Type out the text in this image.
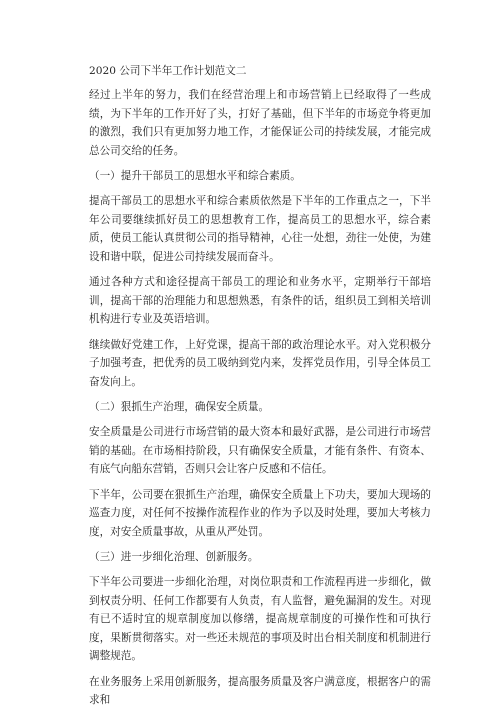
2020 公司下半年工作计划范文二

经过上半年的努力，我们在经营治理上和市场营销上已经取得了一些成绩，为下半年的工作开好了头，打好了基础，但下半年的市场竞争将更加的激烈，我们只有更加努力地工作，才能保证公司的持续发展，才能完成总公司交给的任务。

（一）提升干部员工的思想水平和综合素质。

提高干部员工的思想水平和综合素质依然是下半年的工作重点之一，下半年公司要继续抓好员工的思想教育工作，提高员工的思想水平，综合素质，使员工能认真贯彻公司的指导精神，心往一处想，劲往一处使，为建设和谐中联，促进公司持续发展而奋斗。

通过各种方式和途径提高干部员工的理论和业务水平，定期举行干部培训，提高干部的治理能力和思想熟悉，有条件的话，组织员工到相关培训机构进行专业及英语培训。

继续做好党建工作，上好党课，提高干部的政治理论水平。对入党积极分子加强考查，把优秀的员工吸纳到党内来，发挥党员作用，引导全体员工奋发向上。

（二）狠抓生产治理，确保安全质量。

安全质量是公司进行市场营销的最大资本和最好武器，是公司进行市场营销的基础。在市场相持阶段，只有确保安全质量，才能有条件、有资本、有底气向船东营销，否则只会让客户反感和不信任。

下半年，公司要在狠抓生产治理，确保安全质量上下功夫，要加大现场的巡查力度，对任何不按操作流程作业的作为予以及时处理，要加大考核力度，对安全质量事故，从重从严处罚。

（三）进一步细化治理、创新服务。

下半年公司要进一步细化治理，对岗位职责和工作流程再进一步细化，做到权责分明、任何工作都要有人负责，有人监督，避免漏洞的发生。对现有已不适时宜的规章制度加以修缮，提高规章制度的可操作性和可执行度，果断贯彻落实。对一些还未规范的事项及时出台相关制度和机制进行调整规范。

在业务服务上采用创新服务，提高服务质量及客户满意度，根据客户的需求和
